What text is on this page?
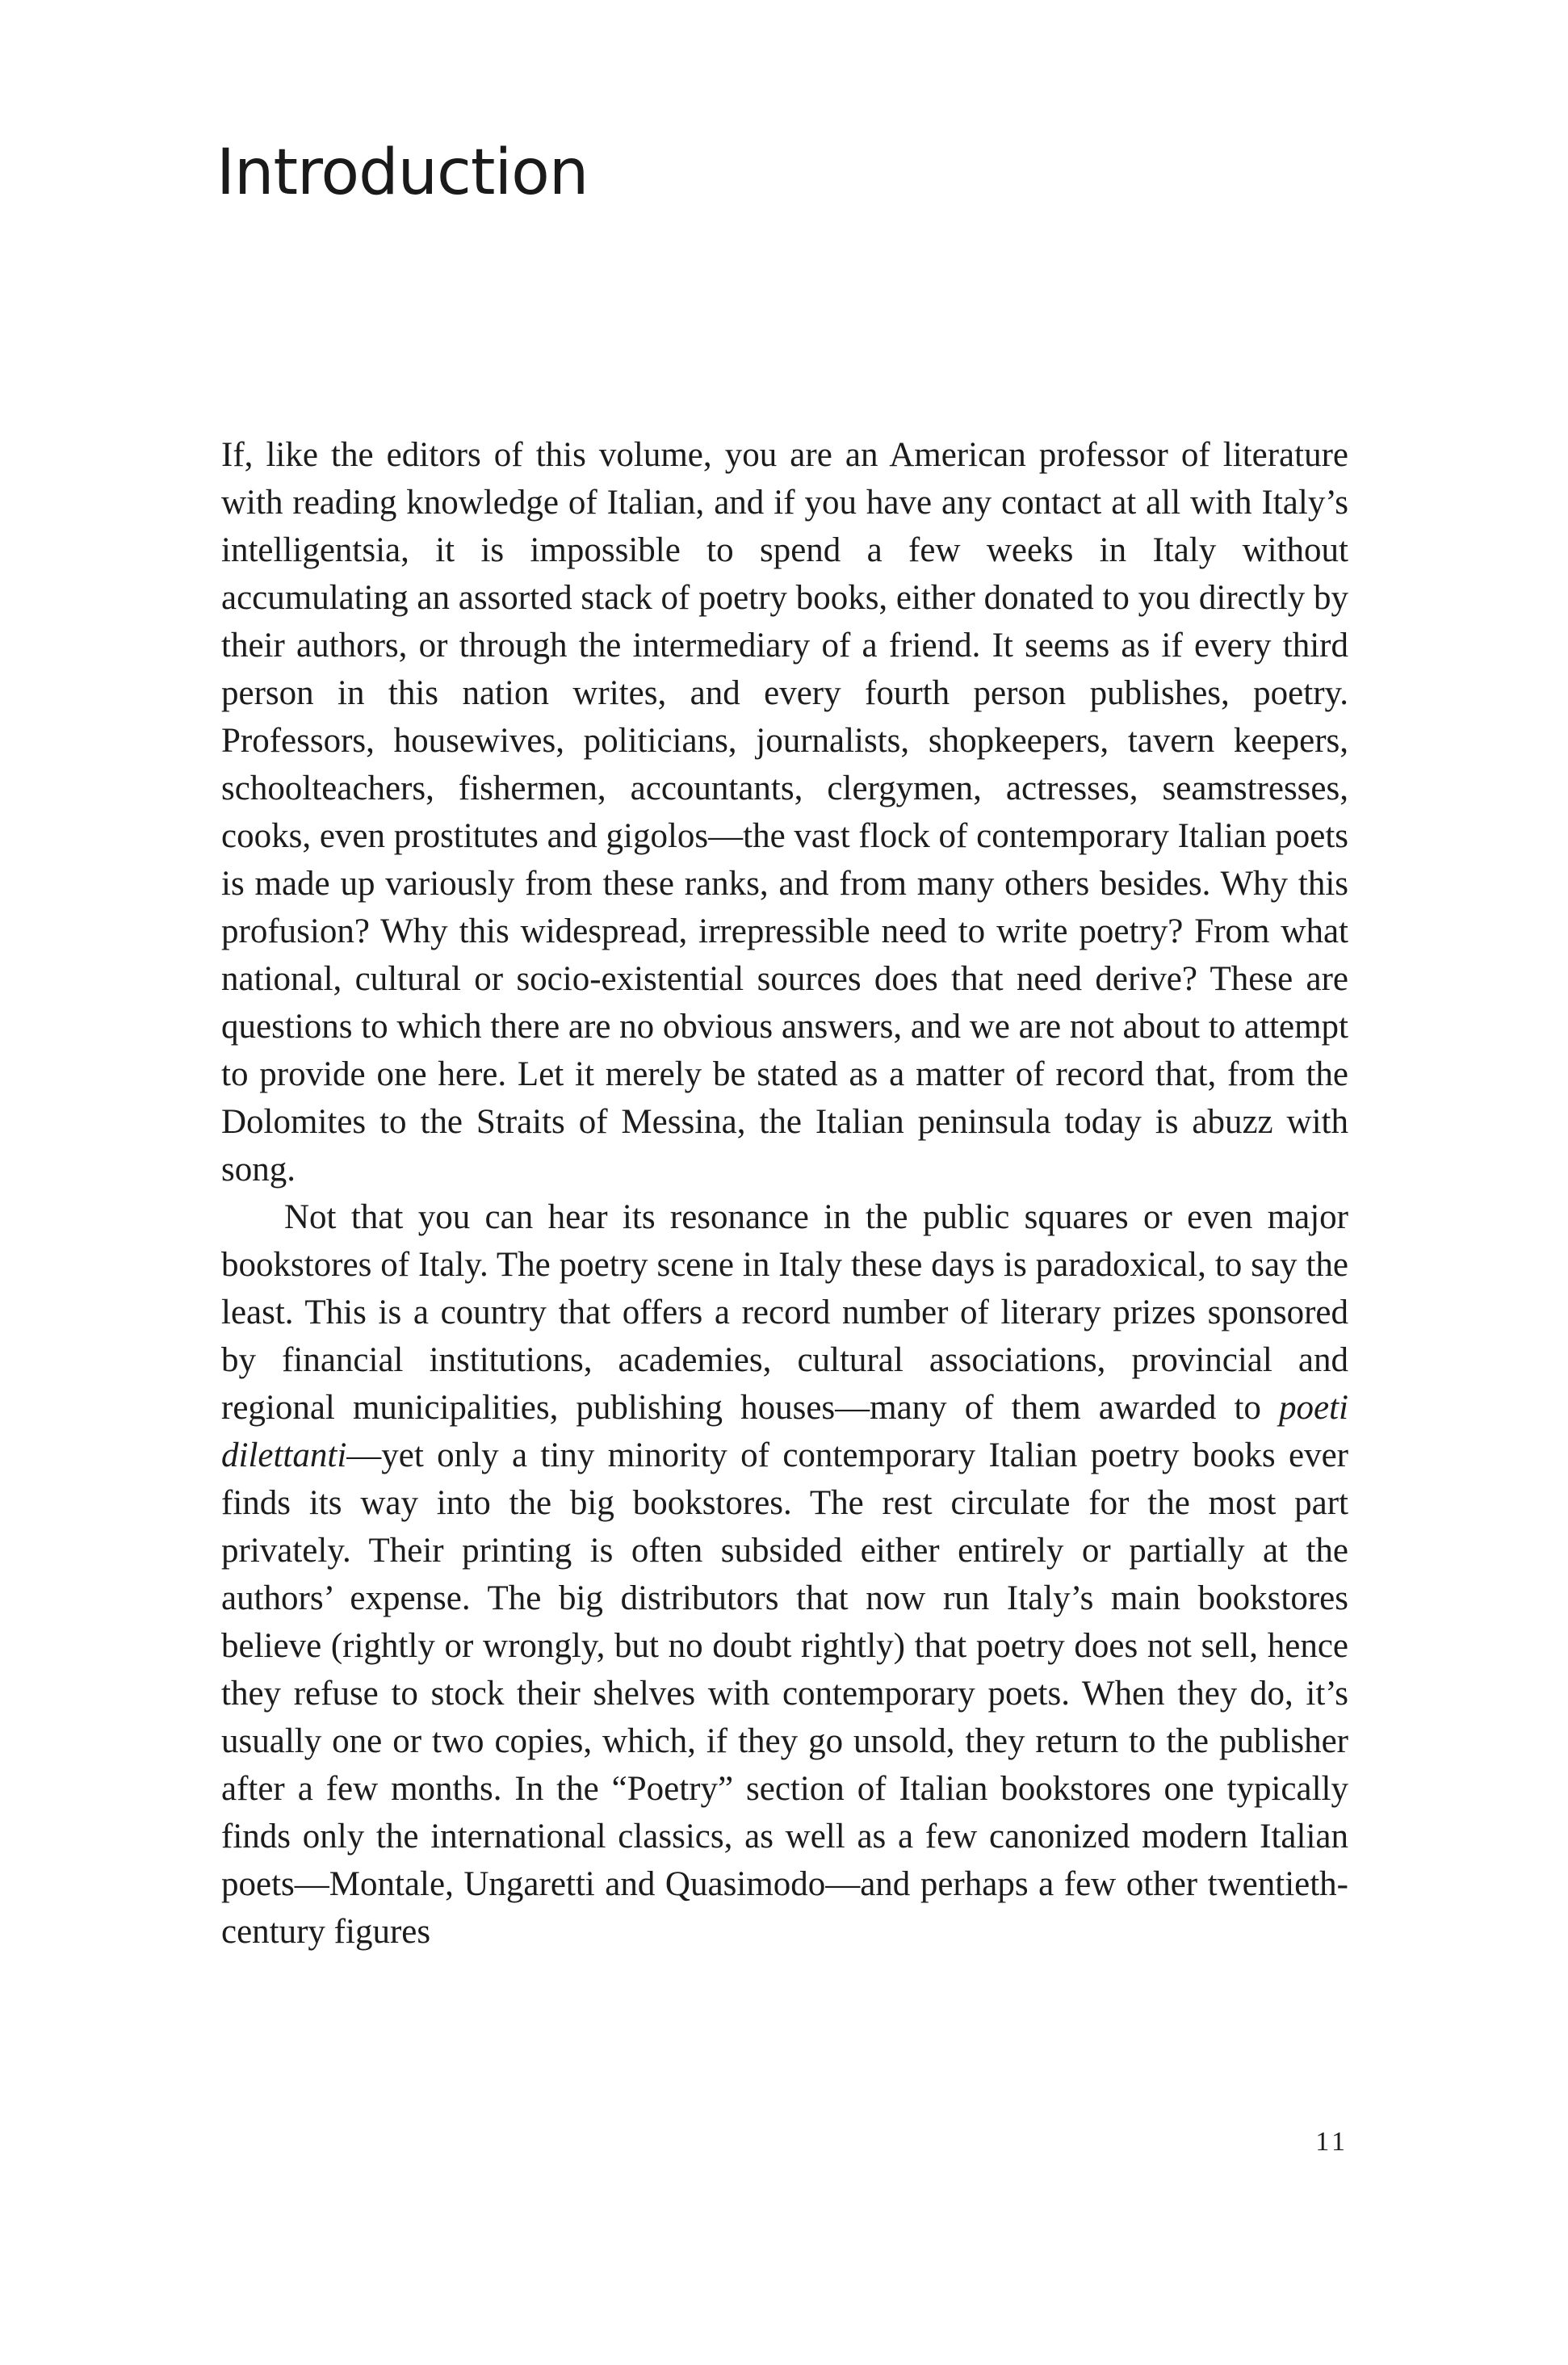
Introduction

If, like the editors of this volume, you are an American professor of literature with reading knowledge of Italian, and if you have any contact at all with Italy’s intelligentsia, it is impossible to spend a few weeks in Italy without accumulating an assorted stack of poetry books, either donated to you directly by their authors, or through the intermediary of a friend. It seems as if every third person in this nation writes, and every fourth person publishes, poetry. Professors, housewives, politicians, journalists, shopkeepers, tavern keepers, schoolteachers, fishermen, accountants, clergymen, actresses, seamstresses, cooks, even prostitutes and gigolos—the vast flock of contemporary Italian poets is made up variously from these ranks, and from many others besides. Why this profusion? Why this widespread, irrepressible need to write poetry? From what national, cultural or socio-existential sources does that need derive? These are questions to which there are no obvious answers, and we are not about to attempt to provide one here. Let it merely be stated as a matter of record that, from the Dolomites to the Straits of Messina, the Italian peninsula today is abuzz with song.

Not that you can hear its resonance in the public squares or even major bookstores of Italy. The poetry scene in Italy these days is paradoxical, to say the least. This is a country that offers a record number of literary prizes sponsored by financial institutions, academies, cultural associations, provincial and regional municipalities, publishing houses—many of them awarded to poeti dilettanti—yet only a tiny minority of contemporary Italian poetry books ever finds its way into the big bookstores. The rest circulate for the most part privately. Their printing is often subsided either entirely or partially at the authors’ expense. The big distributors that now run Italy’s main bookstores believe (rightly or wrongly, but no doubt rightly) that poetry does not sell, hence they refuse to stock their shelves with contemporary poets. When they do, it’s usually one or two copies, which, if they go unsold, they return to the publisher after a few months. In the “Poetry” section of Italian bookstores one typically finds only the international classics, as well as a few canonized modern Italian poets—Montale, Ungaretti and Quasimodo—and perhaps a few other twentieth-century figures

11
